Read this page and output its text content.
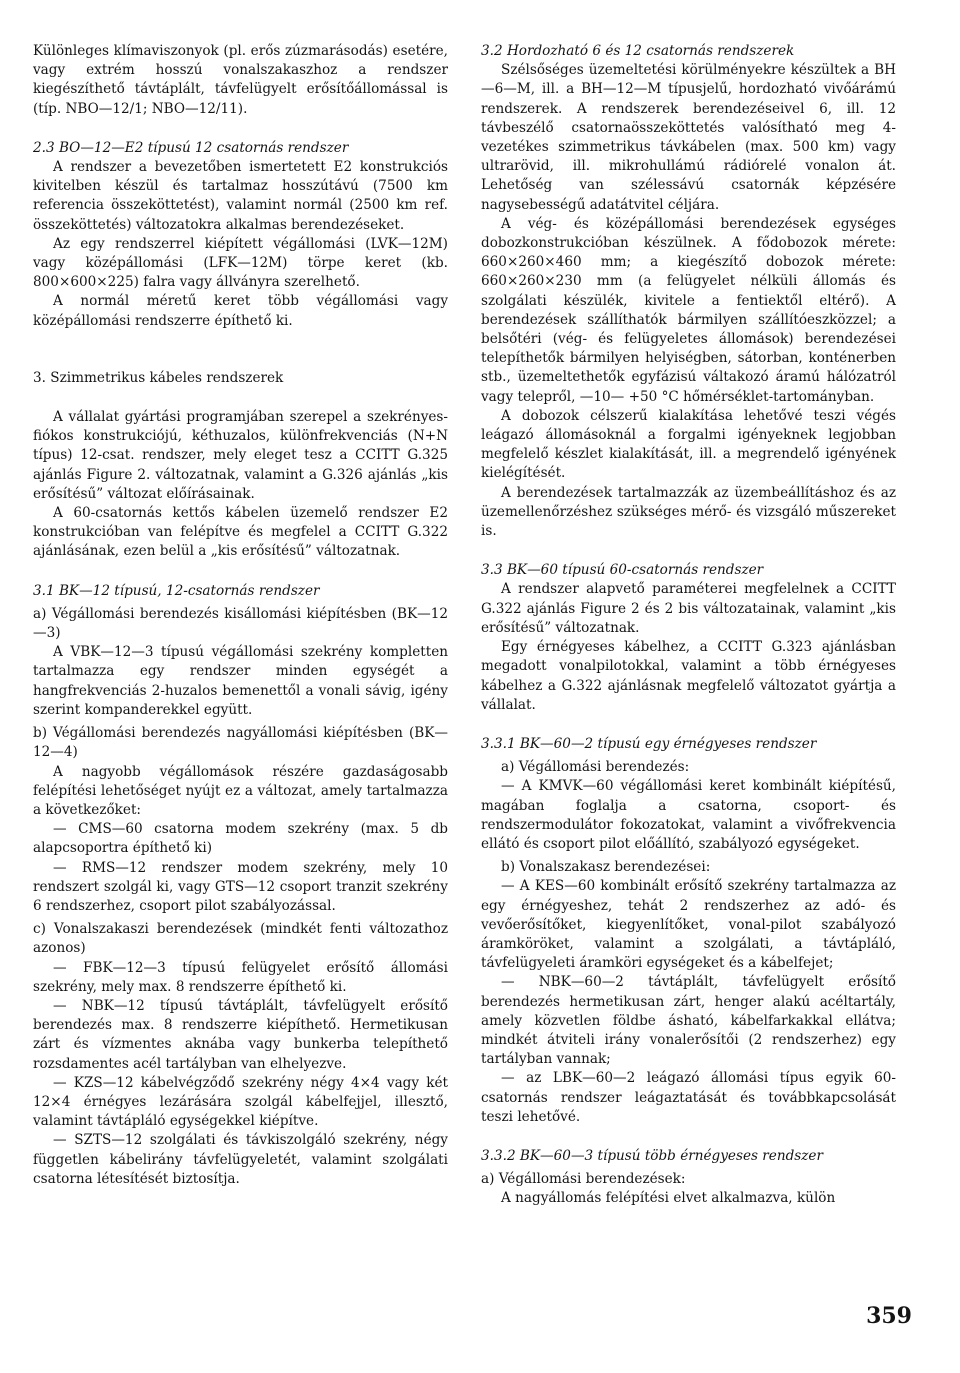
Különleges klímaviszonyok (pl. erős zúzmarásodás) esetére, vagy extrém hosszú vonalszakaszhoz a rendszer kiegészíthető távtáplált, távfelügyelt erősítőállomással is (típ. NBO—12/1; NBO—12/11).

2.3 BO—12—E2 típusú 12 csatornás rendszer

A rendszer a bevezetőben ismertetett E2 konstrukciós kivitelben készül és tartalmaz hosszútávú (7500 km referencia összeköttetést), valamint normál (2500 km ref. összeköttetés) változatokra alkalmas berendezéseket.

Az egy rendszerrel kiépített végállomási (LVK—12M) vagy középállomási (LFK—12M) törpe keret (kb. 800×600×225) falra vagy állványra szerelhető.

A normál méretű keret több végállomási vagy középállomási rendszerre építhető ki.

3. Szimmetrikus kábeles rendszerek

A vállalat gyártási programjában szerepel a szekrényes-fiókos konstrukciójú, kéthuzalos, különfrekvenciás (N+N típus) 12-csat. rendszer, mely eleget tesz a CCITT G.325 ajánlás Figure 2. változatnak, valamint a G.326 ajánlás „kis erősítésű” változat előírásainak.

A 60-csatornás kettős kábelen üzemelő rendszer E2 konstrukcióban van felépítve és megfelel a CCITT G.322 ajánlásának, ezen belül a „kis erősítésű” változatnak.

3.1 BK—12 típusú, 12-csatornás rendszer

a) Végállomási berendezés kisállomási kiépítésben (BK—12—3)

A VBK—12—3 típusú végállomási szekrény kompletten tartalmazza egy rendszer minden egységét a hangfrekvenciás 2-huzalos bemenettől a vonali sávig, igény szerint kompanderekkel együtt.

b) Végállomási berendezés nagyállomási kiépítésben (BK—12—4)

A nagyobb végállomások részére gazdaságosabb felépítési lehetőséget nyújt ez a változat, amely tartalmazza a következőket:

— CMS—60 csatorna modem szekrény (max. 5 db alapcsoportra építhető ki)

— RMS—12 rendszer modem szekrény, mely 10 rendszert szolgál ki, vagy GTS—12 csoport tranzit szekrény 6 rendszerhez, csoport pilot szabályozással.

c) Vonalszakaszi berendezések (mindkét fenti változathoz azonos)

— FBK—12—3 típusú felügyelet erősítő állomási szekrény, mely max. 8 rendszerre építhető ki.

— NBK—12 típusú távtáplált, távfelügyelt erősítő berendezés max. 8 rendszerre kiépíthető. Hermetikusan zárt és vízmentes aknába vagy bunkerba telepíthető rozsdamentes acél tartályban van elhelyezve.

— KZS—12 kábelvégződő szekrény négy 4×4 vagy két 12×4 érnégyes lezárására szolgál kábelfejjel, illesztő, valamint távtápláló egységekkel kiépítve.

— SZTS—12 szolgálati és távkiszolgáló szekrény, négy független kábelirány távfelügyeletét, valamint szolgálati csatorna létesítését biztosítja.

3.2 Hordozható 6 és 12 csatornás rendszerek

Szélsőséges üzemeltetési körülményekre készültek a BH—6—M, ill. a BH—12—M típusjelű, hordozható vivőárámú rendszerek. A rendszerek berendezéseivel 6, ill. 12 távbeszélő csatornaösszeköttetés valósítható meg 4-vezetékes szimmetrikus távkábelen (max. 500 km) vagy ultrarövid, ill. mikrohullámú rádiórelé vonalon át. Lehetőség van szélessávú csatornák képzésére nagysebességű adatátvitel céljára.

A vég- és középállomási berendezések egységes dobozkonstrukcióban készülnek. A fődobozok mérete: 660×260×460 mm; a kiegészítő dobozok mérete: 660×260×230 mm (a felügyelet nélküli állomás és szolgálati készülék, kivitele a fentiektől eltérő). A berendezések szállíthatók bármilyen szállítóeszközzel; a belsőtéri (vég- és felügyeletes állomások) berendezései telepíthetők bármilyen helyiségben, sátorban, konténerben stb., üzemeltethetők egyfázisú váltakozó áramú hálózatról vagy telepről, —10— +50 °C hőmérséklet-tartományban.

A dobozok célszerű kialakítása lehetővé teszi végés leágazó állomásoknál a forgalmi igényeknek legjobban megfelelő készlet kialakítását, ill. a megrendelő igényének kielégítését.

A berendezések tartalmazzák az üzembeállításhoz és az üzemellenőrzéshez szükséges mérő- és vizsgáló műszereket is.

3.3 BK—60 típusú 60-csatornás rendszer

A rendszer alapvető paraméterei megfelelnek a CCITT G.322 ajánlás Figure 2 és 2 bis változatainak, valamint „kis erősítésű” változatnak.

Egy érnégyeses kábelhez, a CCITT G.323 ajánlásban megadott vonalpilotokkal, valamint a több érnégyeses kábelhez a G.322 ajánlásnak megfelelő változatot gyártja a vállalat.

3.3.1 BK—60—2 típusú egy érnégyeses rendszer

a) Végállomási berendezés:

— A KMVK—60 végállomási keret kombinált kiépítésű, magában foglalja a csatorna, csoport- és rendszermodulátor fokozatokat, valamint a vivőfrekvencia ellátó és csoport pilot előállító, szabályozó egységeket.

b) Vonalszakasz berendezései:

— A KES—60 kombinált erősítő szekrény tartalmazza az egy érnégyeshez, tehát 2 rendszerhez az adó- és vevőerősítőket, kiegyenlítőket, vonal-pilot szabályozó áramköröket, valamint a szolgálati, a távtápláló, távfelügyeleti áramköri egységeket és a kábelfejet;

— NBK—60—2 távtáplált, távfelügyelt erősítő berendezés hermetikusan zárt, henger alakú acéltartály, amely közvetlen földbe ásható, kábelfarkakkal ellátva; mindkét átviteli irány vonalerősítői (2 rendszerhez) egy tartályban vannak;

— az LBK—60—2 leágazó állomási típus egyik 60-csatornás rendszer leágaztatását és továbbkapcsolását teszi lehetővé.

3.3.2 BK—60—3 típusú több érnégyeses rendszer

a) Végállomási berendezések:

A nagyállomás felépítési elvet alkalmazva, külön

359
